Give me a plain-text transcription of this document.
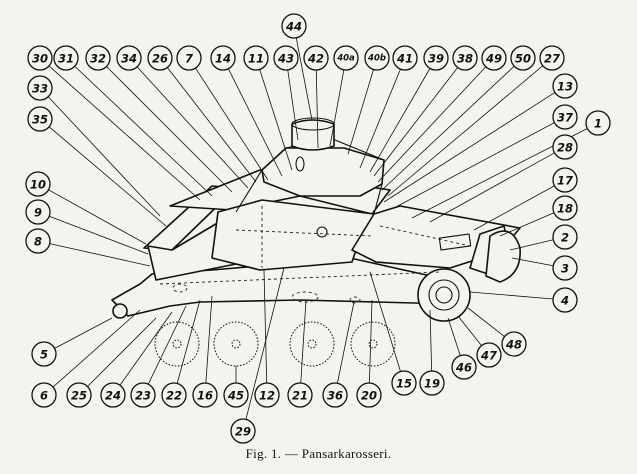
30 31 32 34 26 7 14 11 43
44
42 40a 40b 41 39 38 49 50 27
33
35
13
37 1
28
17
18
10
9
8	2
3
4
5
6 25 24 23 22 16 45 12 21 36 20
15 19
46
47
48
29
Fig. 1. — Pansarkarosseri.
